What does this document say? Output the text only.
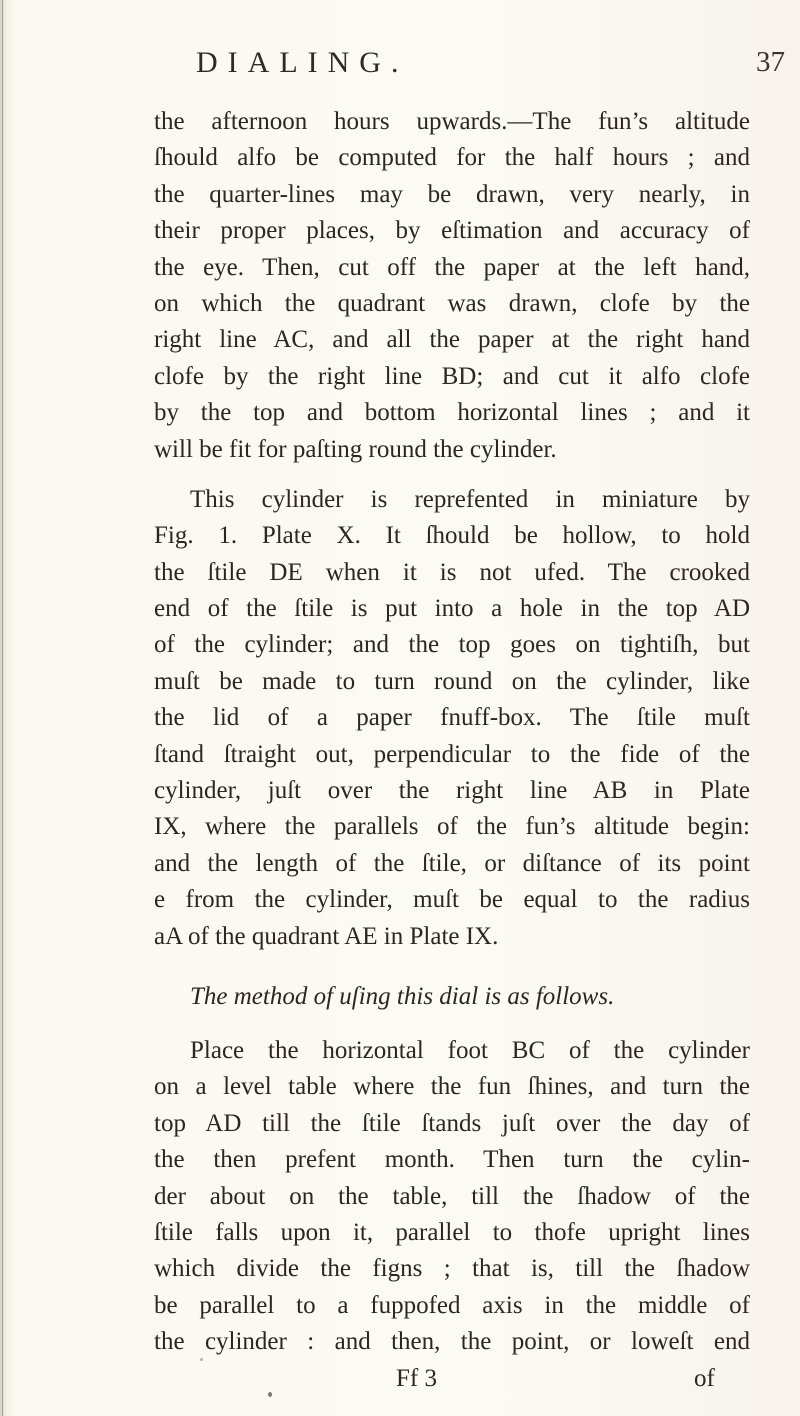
DIALING.	37
the afternoon hours upwards.—The fun’s altitude
ſhould alfo be computed for the half hours ; and
the quarter-lines may be drawn, very nearly, in
their proper places, by eſtimation and accuracy of
the eye. Then, cut off the paper at the left hand,
on which the quadrant was drawn, clofe by the
right line AC, and all the paper at the right hand
clofe by the right line BD; and cut it alfo clofe
by the top and bottom horizontal lines ; and it
will be fit for paſting round the cylinder.
This cylinder is reprefented in miniature by
Fig. 1. Plate X. It ſhould be hollow, to hold
the ſtile DE when it is not ufed. The crooked
end of the ſtile is put into a hole in the top AD
of the cylinder; and the top goes on tightiſh, but
muſt be made to turn round on the cylinder, like
the lid of a paper fnuff-box. The ſtile muſt
ſtand ſtraight out, perpendicular to the fide of the
cylinder, juſt over the right line AB in Plate
IX, where the parallels of the fun’s altitude begin:
and the length of the ſtile, or diſtance of its point
e from the cylinder, muſt be equal to the radius
aA of the quadrant AE in Plate IX.
The method of uſing this dial is as follows.
Place the horizontal foot BC of the cylinder
on a level table where the fun ſhines, and turn the
top AD till the ſtile ſtands juſt over the day of
the then prefent month. Then turn the cylin-
der about on the table, till the ſhadow of the
ſtile falls upon it, parallel to thofe upright lines
which divide the figns ; that is, till the ſhadow
be parallel to a fuppofed axis in the middle of
the cylinder : and then, the point, or loweſt end
Ff 3	of
